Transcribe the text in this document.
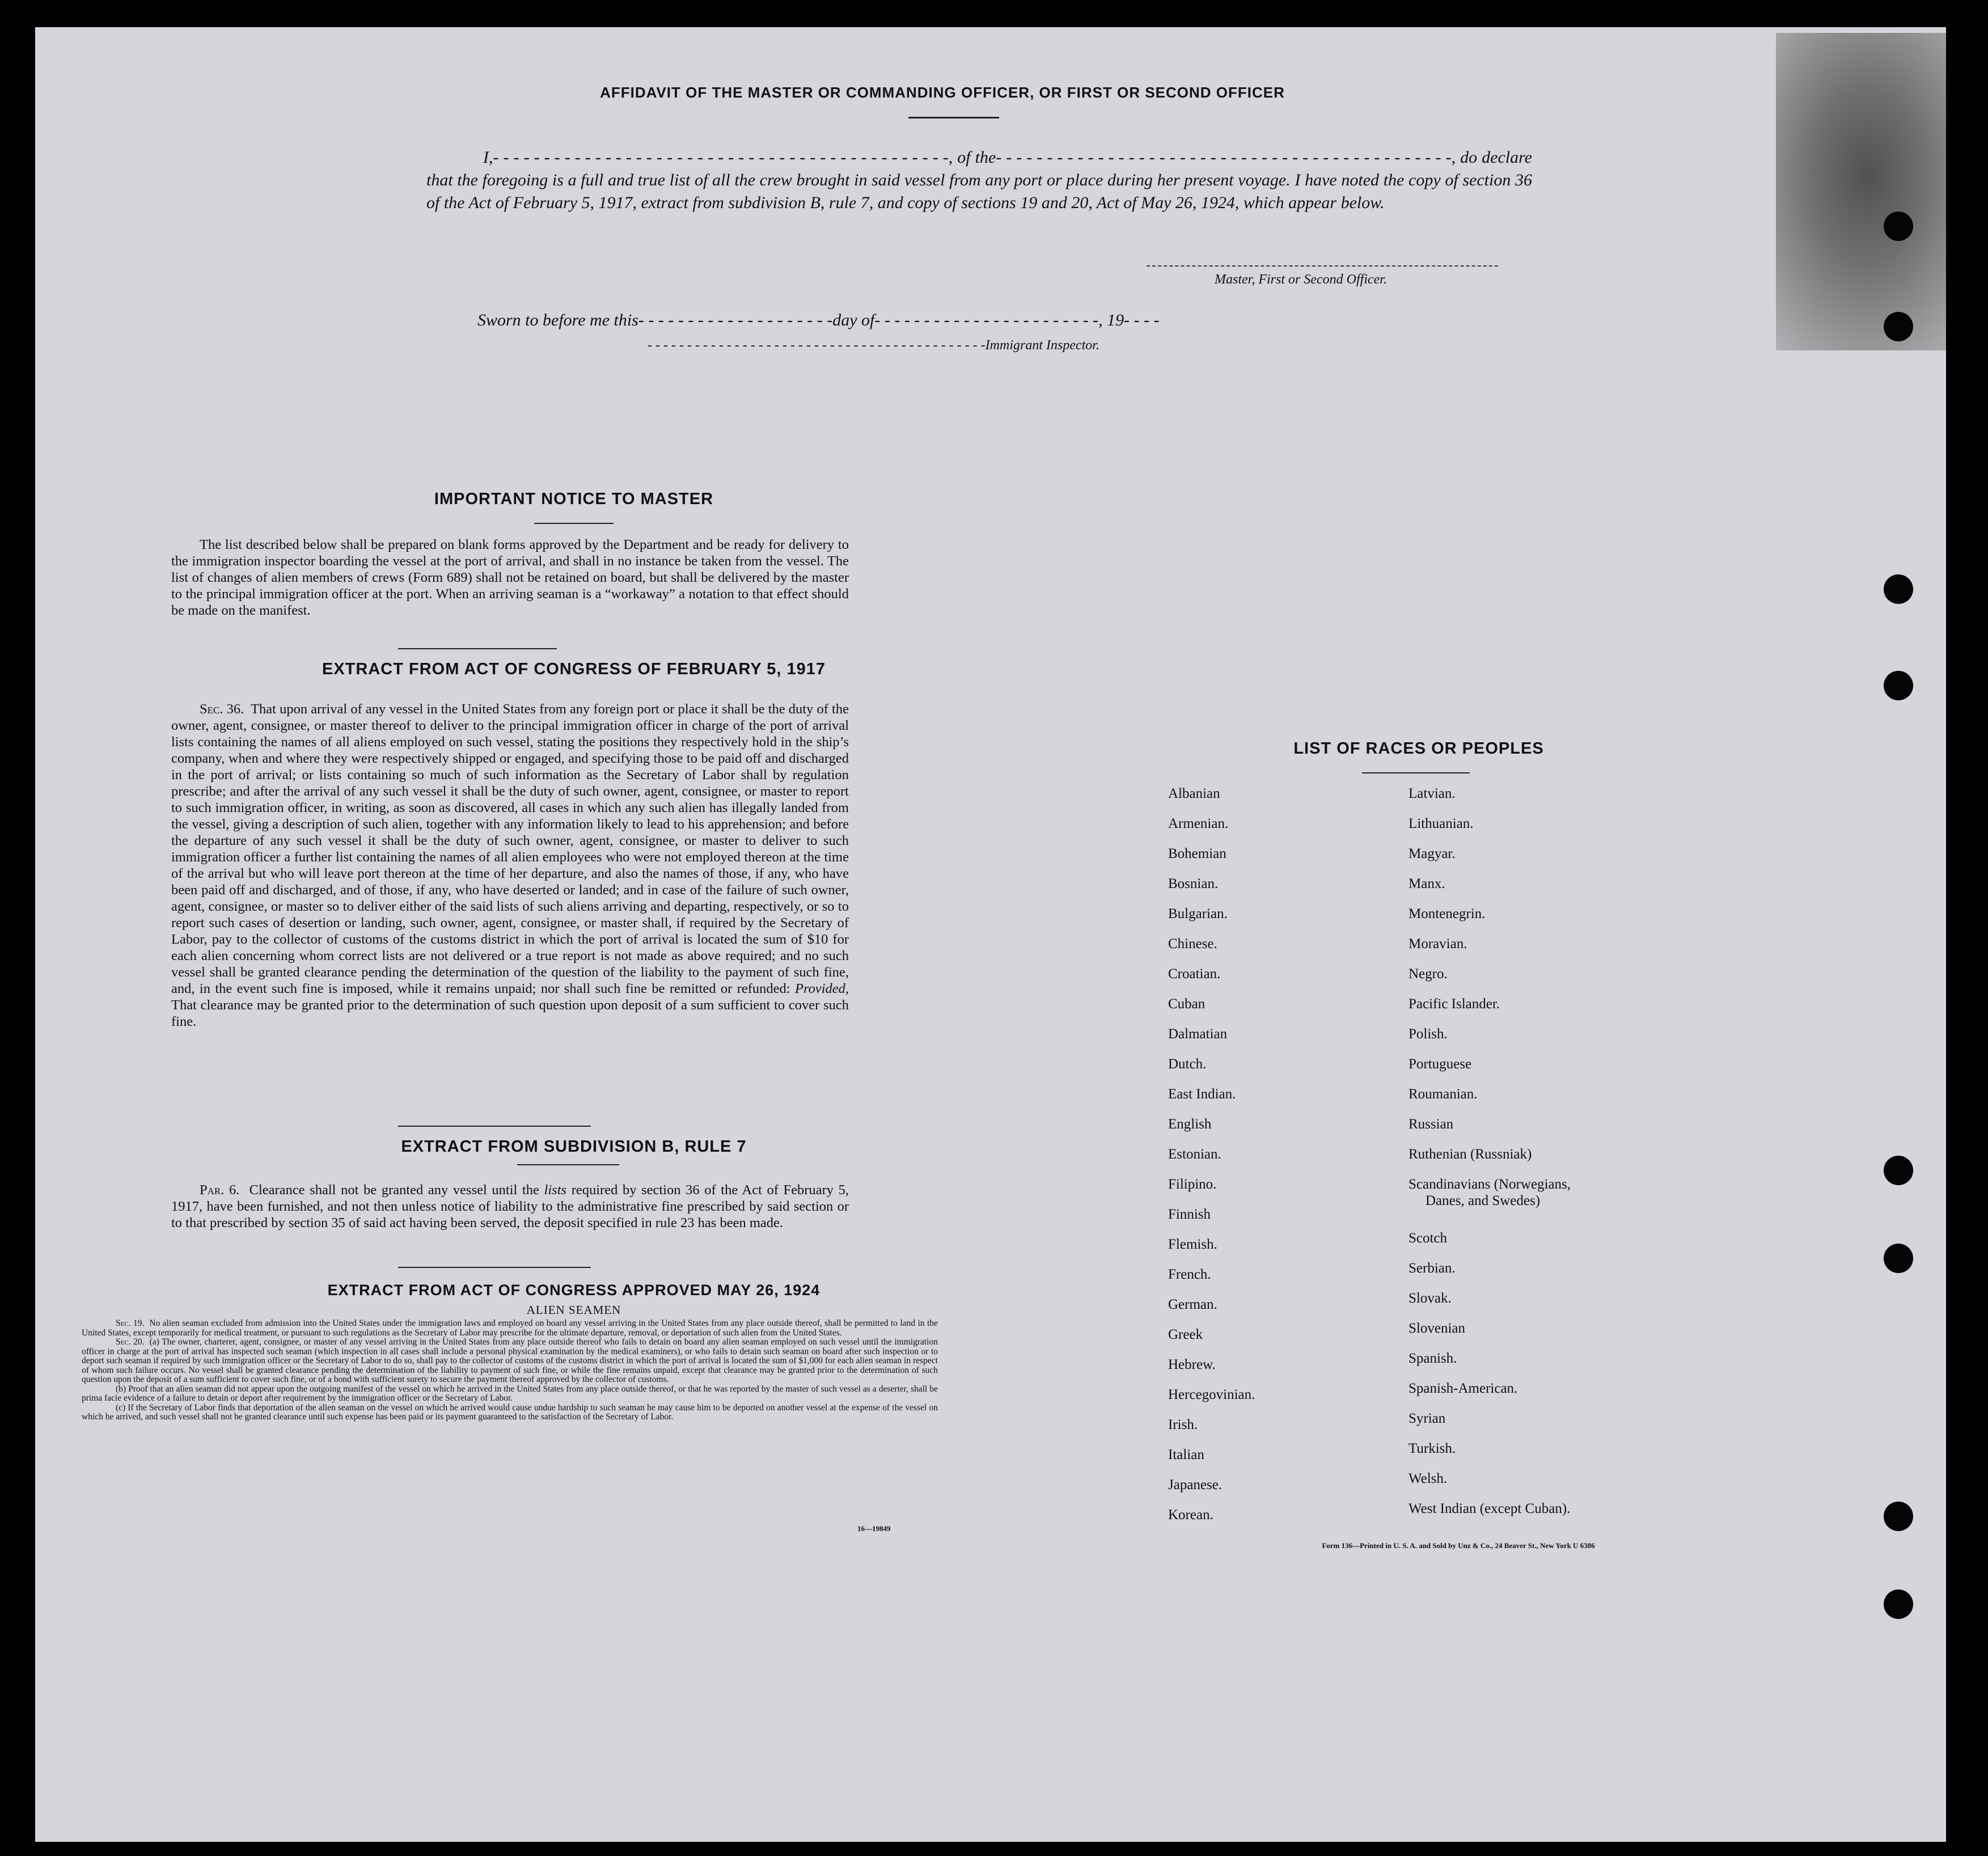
AFFIDAVIT OF THE MASTER OR COMMANDING OFFICER, OR FIRST OR SECOND OFFICER
I,- - - - - - - - - - - - - - - - - - - - - - - - - - - - - - - - - - - - - - - - - - - - -, of the- - - - - - - - - - - - - - - - - - - - - - - - - - - - - - - - - - - - - - - - - - - - -, do declare
that the foregoing is a full and true list of all the crew brought in said vessel from any port or place during her present voyage. I have noted the copy of section 36 of the Act of February 5, 1917, extract from subdivision B, rule 7, and copy of sections 19 and 20, Act of May 26, 1924, which appear below.
Master, First or Second Officer.
Sworn to before me this- - - - - - - - - - - - - - - - - - - -day of- - - - - - - - - - - - - - - - - - - - - - -, 19- - - -
- - - - - - - - - - - - - - - - - - - - - - - - - - - - - - - - - - - - - - - - - - -Immigrant Inspector.
IMPORTANT NOTICE TO MASTER

The list described below shall be prepared on blank forms approved by the Department and be ready for delivery to the immigration inspector boarding the vessel at the port of arrival, and shall in no instance be taken from the vessel. The list of changes of alien members of crews (Form 689) shall not be retained on board, but shall be delivered by the master to the principal immigration officer at the port. When an arriving seaman is a “workaway” a notation to that effect should be made on the manifest.

EXTRACT FROM ACT OF CONGRESS OF FEBRUARY 5, 1917

Sec. 36. That upon arrival of any vessel in the United States from any foreign port or place it shall be the duty of the owner, agent, consignee, or master thereof to deliver to the principal immigration officer in charge of the port of arrival lists containing the names of all aliens employed on such vessel, stating the positions they respectively hold in the ship’s company, when and where they were respectively shipped or engaged, and specifying those to be paid off and discharged in the port of arrival; or lists containing so much of such information as the Secretary of Labor shall by regulation prescribe; and after the arrival of any such vessel it shall be the duty of such owner, agent, consignee, or master to report to such immigration officer, in writing, as soon as discovered, all cases in which any such alien has illegally landed from the vessel, giving a description of such alien, together with any information likely to lead to his apprehension; and before the departure of any such vessel it shall be the duty of such owner, agent, consignee, or master to deliver to such immigration officer a further list containing the names of all alien employees who were not employed thereon at the time of the arrival but who will leave port thereon at the time of her departure, and also the names of those, if any, who have been paid off and discharged, and of those, if any, who have deserted or landed; and in case of the failure of such owner, agent, consignee, or master so to deliver either of the said lists of such aliens arriving and departing, respectively, or so to report such cases of desertion or landing, such owner, agent, consignee, or master shall, if required by the Secretary of Labor, pay to the collector of customs of the customs district in which the port of arrival is located the sum of $10 for each alien concerning whom correct lists are not delivered or a true report is not made as above required; and no such vessel shall be granted clearance pending the determination of the question of the liability to the payment of such fine, and, in the event such fine is imposed, while it remains unpaid; nor shall such fine be remitted or refunded: Provided, That clearance may be granted prior to the determination of such question upon deposit of a sum sufficient to cover such fine.

EXTRACT FROM SUBDIVISION B, RULE 7

Par. 6. Clearance shall not be granted any vessel until the lists required by section 36 of the Act of February 5, 1917, have been furnished, and not then unless notice of liability to the administrative fine prescribed by said section or to that prescribed by section 35 of said act having been served, the deposit specified in rule 23 has been made.

EXTRACT FROM ACT OF CONGRESS APPROVED MAY 26, 1924
ALIEN SEAMEN

Sec. 19. No alien seaman excluded from admission into the United States under the immigration laws and employed on board any vessel arriving in the United States from any place outside thereof, shall be permitted to land in the United States, except temporarily for medical treatment, or pursuant to such regulations as the Secretary of Labor may prescribe for the ultimate departure, removal, or deportation of such alien from the United States.

Sec. 20. (a) The owner, charterer, agent, consignee, or master of any vessel arriving in the United States from any place outside thereof who fails to detain on board any alien seaman employed on such vessel until the immigration officer in charge at the port of arrival has inspected such seaman (which inspection in all cases shall include a personal physical examination by the medical examiners), or who fails to detain such seaman on board after such inspection or to deport such seaman if required by such immigration officer or the Secretary of Labor to do so, shall pay to the collector of customs of the customs district in which the port of arrival is located the sum of $1,000 for each alien seaman in respect of whom such failure occurs. No vessel shall be granted clearance pending the determination of the liability to payment of such fine, or while the fine remains unpaid, except that clearance may be granted prior to the determination of such question upon the deposit of a sum sufficient to cover such fine, or of a bond with sufficient surety to secure the payment thereof approved by the collector of customs.

(b) Proof that an alien seaman did not appear upon the outgoing manifest of the vessel on which he arrived in the United States from any place outside thereof, or that he was reported by the master of such vessel as a deserter, shall be prima facie evidence of a failure to detain or deport after requirement by the immigration officer or the Secretary of Labor.

(c) If the Secretary of Labor finds that deportation of the alien seaman on the vessel on which he arrived would cause undue hardship to such seaman he may cause him to be deported on another vessel at the expense of the vessel on which he arrived, and such vessel shall not be granted clearance until such expense has been paid or its payment guaranteed to the satisfaction of the Secretary of Labor.

16—19849
LIST OF RACES OR PEOPLES
Albanian
Armenian.
Bohemian
Bosnian.
Bulgarian.
Chinese.
Croatian.
Cuban
Dalmatian
Dutch.
East Indian.
English
Estonian.
Filipino.
Finnish
Flemish.
French.
German.
Greek
Hebrew.
Hercegovinian.
Irish.
Italian
Japanese.
Korean.
Latvian.
Lithuanian.
Magyar.
Manx.
Montenegrin.
Moravian.
Negro.
Pacific Islander.
Polish.
Portuguese
Roumanian.
Russian
Ruthenian (Russniak)
Scandinavians (Norwegians,
Danes, and Swedes)
Scotch
Serbian.
Slovak.
Slovenian
Spanish.
Spanish-American.
Syrian
Turkish.
Welsh.
West Indian (except Cuban).
Form 136—Printed in U. S. A. and Sold by Unz & Co., 24 Beaver St., New York U 6386
